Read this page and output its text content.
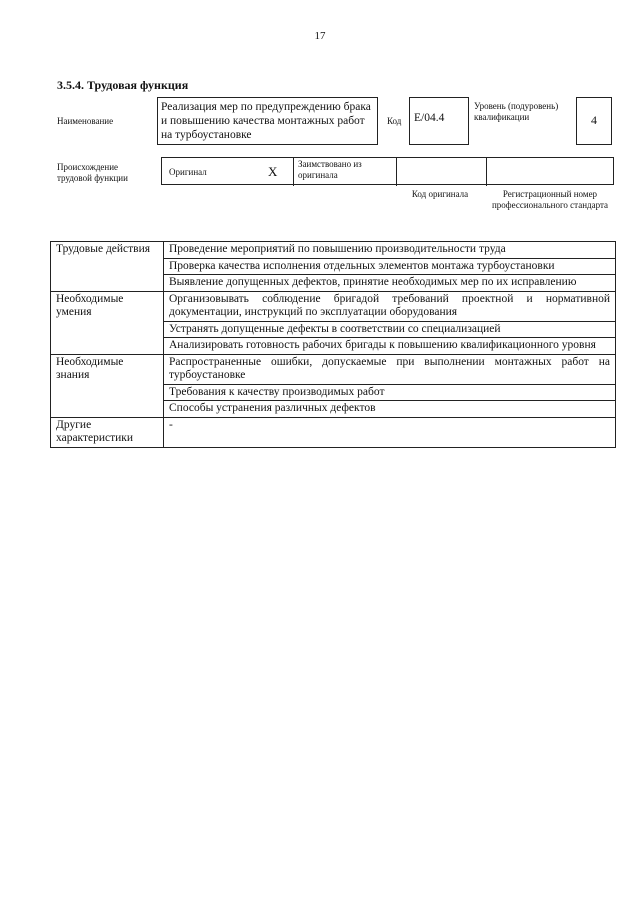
17
3.5.4. Трудовая функция
Наименование
Реализация мер по предупреждению брака и повышению качества монтажных работ на турбоустановке
Код	E/04.4
Уровень (подуровень) квалификации	4
Происхождение трудовой функции
Оригинал	X	Заимствовано из оригинала
Код оригинала	Регистрационный номер профессионального стандарта
Трудовые действия	Проведение мероприятий по повышению производительности труда
	Проверка качества исполнения отдельных элементов монтажа турбоустановки
	Выявление допущенных дефектов, принятие необходимых мер по их исправлению
Необходимые умения	Организовывать соблюдение бригадой требований проектной и нормативной документации, инструкций по эксплуатации оборудования
	Устранять допущенные дефекты в соответствии со специализацией
	Анализировать готовность рабочих бригады к повышению квалификационного уровня
Необходимые знания	Распространенные ошибки, допускаемые при выполнении монтажных работ на турбоустановке
	Требования к качеству производимых работ
	Способы устранения различных дефектов
Другие характеристики	-
